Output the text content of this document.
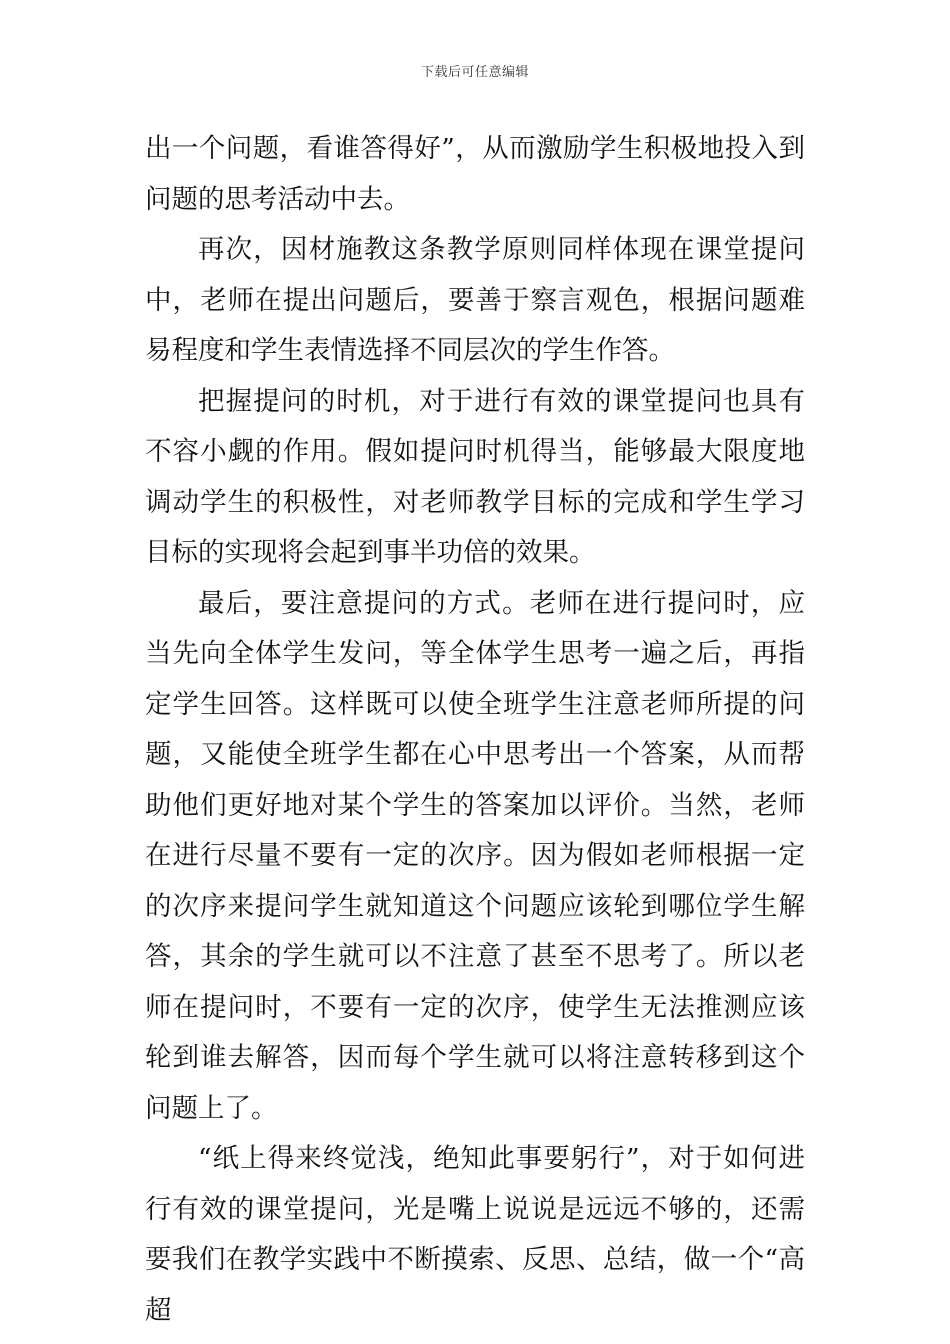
下载后可任意编辑

出一个问题，看谁答得好”，从而激励学生积极地投入到问题的思考活动中去。

再次，因材施教这条教学原则同样体现在课堂提问中，老师在提出问题后，要善于察言观色，根据问题难易程度和学生表情选择不同层次的学生作答。

把握提问的时机，对于进行有效的课堂提问也具有不容小觑的作用。假如提问时机得当，能够最大限度地调动学生的积极性，对老师教学目标的完成和学生学习目标的实现将会起到事半功倍的效果。

最后，要注意提问的方式。老师在进行提问时，应当先向全体学生发问，等全体学生思考一遍之后，再指定学生回答。这样既可以使全班学生注意老师所提的问题，又能使全班学生都在心中思考出一个答案，从而帮助他们更好地对某个学生的答案加以评价。当然，老师在进行尽量不要有一定的次序。因为假如老师根据一定的次序来提问学生就知道这个问题应该轮到哪位学生解答，其余的学生就可以不注意了甚至不思考了。所以老师在提问时，不要有一定的次序，使学生无法推测应该轮到谁去解答，因而每个学生就可以将注意转移到这个问题上了。

“纸上得来终觉浅，绝知此事要躬行”，对于如何进行有效的课堂提问，光是嘴上说说是远远不够的，还需要我们在教学实践中不断摸索、反思、总结，做一个“高超
